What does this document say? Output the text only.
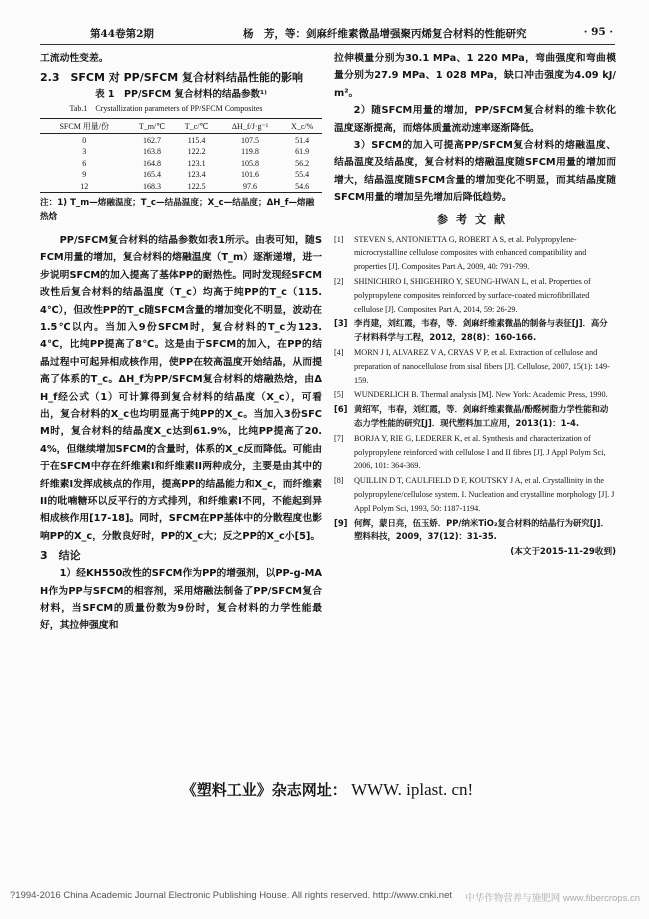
第44卷第2期	杨　芳，等：剑麻纤维素微晶增强聚丙烯复合材料的性能研究	· 95 ·

工流动性变差。

2.3　SFCM 对 PP/SFCM 复合材料结晶性能的影响

表 1　PP/SFCM 复合材料的结晶参数¹⁾
Tab.1　Crystallization parameters of PP/SFCM Composites
SFCM 用量/份	T_m/℃	T_c/℃	ΔH_f/J·g⁻¹	X_c/%
0	162.7	115.4	107.5	51.4
3	163.8	122.2	119.8	61.9
6	164.8	123.1	105.8	56.2
9	165.4	123.4	101.6	55.4
12	168.3	122.5	97.6	54.6

注：1) T_m—熔融温度；T_c—结晶温度；X_c—结晶度；ΔH_f—熔融热焓

PP/SFCM复合材料的结晶参数如表1所示。由表可知，随SFCM用量的增加，复合材料的熔融温度（T_m）逐渐递增，进一步说明SFCM的加入提高了基体PP的耐热性。同时发现经SFCM改性后复合材料的结晶温度（T_c）均高于纯PP的T_c（115.4℃），但改性PP的T_c随SFCM含量的增加变化不明显，波动在1.5℃以内。当加入9份SFCM时，复合材料的T_c为123.4℃，比纯PP提高了8℃。这是由于SFCM的加入，在PP的结晶过程中可起异相成核作用，使PP在较高温度开始结晶，从而提高了体系的T_c。ΔH_f为PP/SFCM复合材料的熔融热焓，由ΔH_f经公式（1）可计算得到复合材料的结晶度（X_c），可看出，复合材料的X_c也均明显高于纯PP的X_c。当加入3份SFCM时，复合材料的结晶度X_c达到61.9%，比纯PP提高了20.4%，但继续增加SFCM的含量时，体系的X_c反而降低。可能由于在SFCM中存在纤维素I和纤维素II两种成分，主要是由其中的纤维素I发挥成核点的作用，提高PP的结晶能力和X_c，而纤维素II的吡喃糖环以反平行的方式排列，和纤维素I不同，不能起到异相成核作用[17-18]。同时，SFCM在PP基体中的分散程度也影响PP的X_c，分散良好时，PP的X_c大；反之PP的X_c小[5]。

3　结论

1）经KH550改性的SFCM作为PP的增强剂，以PP-g-MAH作为PP与SFCM的相容剂，采用熔融法制备了PP/SFCM复合材料，当SFCM的质量份数为9份时，复合材料的力学性能最好，其拉伸强度和

拉伸模量分别为30.1 MPa、1 220 MPa，弯曲强度和弯曲模量分别为27.9 MPa、1 028 MPa，缺口冲击强度为4.09 kJ/m²。

2）随SFCM用量的增加，PP/SFCM复合材料的维卡软化温度逐渐提高，而熔体质量流动速率逐渐降低。

3）SFCM的加入可提高PP/SFCM复合材料的熔融温度、结晶温度及结晶度，复合材料的熔融温度随SFCM用量的增加而增大，结晶温度随SFCM含量的增加变化不明显，而其结晶度随SFCM用量的增加呈先增加后降低趋势。

参考文献

[1] STEVEN S, ANTONIETTA G, ROBERT A S, et al. Polypropylene-microcrystalline cellulose composites with enhanced compatibility and properties [J]. Composites Part A, 2009, 40: 791-799.

[2] SHINICHIRO I, SHIGEHIRO Y, SEUNG-HWAN L, et al. Properties of polypropylene composites reinforced by surface-coated microfibrillated cellulose [J]. Composites Part A, 2014, 59: 26-29.

[3] 李肖建，刘红霞，韦春，等．剑麻纤维素微晶的制备与表征[J]．高分子材料科学与工程，2012，28(8)：160-166.

[4] MORN J I, ALVAREZ V A, CRYAS V P, et al. Extraction of cellulose and preparation of nanocellulose from sisal fibers [J]. Cellulose, 2007, 15(1): 149-159.

[5] WUNDERLICH B. Thermal analysis [M]. New York: Academic Press, 1990.

[6] 黄绍军，韦春，刘红霞，等．剑麻纤维素微晶/酚醛树脂力学性能和动态力学性能的研究[J]．现代塑料加工应用，2013(1)：1-4.

[7] BORJA Y, RIE G, LEDERER K, et al. Synthesis and characterization of polypropylene reinforced with cellulose I and II fibres [J]. J Appl Polym Sci, 2006, 101: 364-369.

[8] QUILLIN D T, CAULFIELD D F, KOUTSKY J A, et al. Crystallinity in the polypropylene/cellulose system. I. Nucleation and crystalline morphology [J]. J Appl Polym Sci, 1993, 50: 1187-1194.

[9] 何辉，蒙日亮，伍玉娇．PP/纳米TiO₂复合材料的结晶行为研究[J]．塑料科技，2009，37(12)：31-35.

(本文于2015-11-29收到)
《塑料工业》杂志网址： WWW. iplast. cn!
?1994-2016 China Academic Journal Electronic Publishing House. All rights reserved. http://www.cnki.net 中华作物营养与施肥网 www.fibercrops.cn
